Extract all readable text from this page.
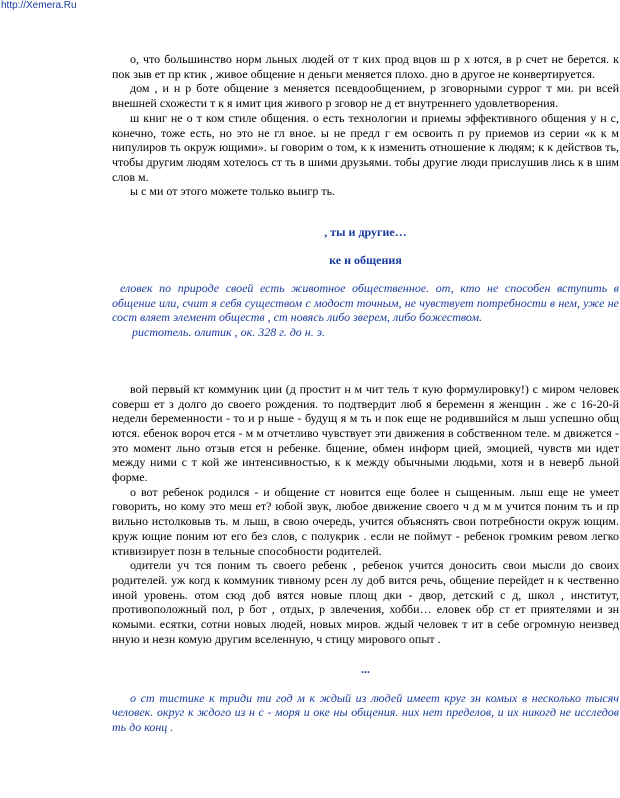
http://Xemera.Ru

о, что большинство норм льных людей от т ких прод вцов ш р х ются, в р счет не берется. к пок зыв ет пр ктик , живое общение н деньги меняется плохо. дно в другое не конвертируется.

дом , и н р боте общение з меняется псевдообщением, р зговорными суррог т ми. ри всей внешней схожести т к я имит ция живого р зговор не д ет внутреннего удовлетворения.

ш книг не о т ком стиле общения. о есть технологии и приемы эффективного общения у н с, конечно, тоже есть, но это не гл вное. ы не предл г ем освоить п ру приемов из серии «к к м нипулиров ть окруж ющими». ы говорим о том, к к изменить отношение к людям; к к действов ть, чтобы другим людям хотелось ст ть в шими друзьями. тобы другие люди прислушив лись к в шим слов м.

ы с ми от этого можете только выигр ть.

, ты и другие…
ке н общения

еловек по природе своей есть животное общественное. от, кто не способен вступить в общение или, счит я себя существом с модост точным, не чувствует потребности в нем, уже не сост вляет элемент обществ , ст новясь либо зверем, либо божеством.

ристотель. олитик , ок. 328 г. до н. э.

вой первый кт коммуник ции (д простит н м чит тель т кую формулировку!) с миром человек соверш ет з долго до своего рождения. то подтвердит люб я беременн я женщин . же с 16-20-й недели беременности - то и р ньше - будущ я м ть и пок еще не родившийся м лыш успешно общ ются. ебенок вороч ется - м м отчетливо чувствует эти движения в собственном теле. м движется - это момент льно отзыв ется н ребенке. бщение, обмен информ цией, эмоцией, чувств ми идет между ними с т кой же интенсивностью, к к между обычными людьми, хотя и в неверб льной форме.

о вот ребенок родился - и общение ст новится еще более н сыщенным. лыш еще не умеет говорить, но кому это меш ет? юбой звук, любое движение своего ч д м м учится поним ть и пр вильно истолковыв ть. м лыш, в свою очередь, учится объяснять свои потребности окруж ющим. круж ющие поним ют его без слов, с полукрик . если не поймут - ребенок громким ревом легко ктивизирует позн в тельные способности родителей.

одители уч тся поним ть своего ребенк , ребенок учится доносить свои мысли до своих родителей. уж когд к коммуник тивному рсен лу доб вится речь, общение перейдет н к чественно иной уровень. отом сюд доб вятся новые площ дки - двор, детский с д, школ , институт, противоположный пол, р бот , отдых, р звлечения, хобби… еловек обр ст ет приятелями и зн комыми. есятки, сотни новых людей, новых миров. ждый человек т ит в себе огромную неизвед нную и незн комую другим вселенную, ч стицу мирового опыт .

...

о ст тистике к триди ти год м к ждый из людей имеет круг зн комых в несколько тысяч человек. округ к ждого из н с - моря и оке ны общения. них нет пределов, и их никогд не исследов ть до конц .
